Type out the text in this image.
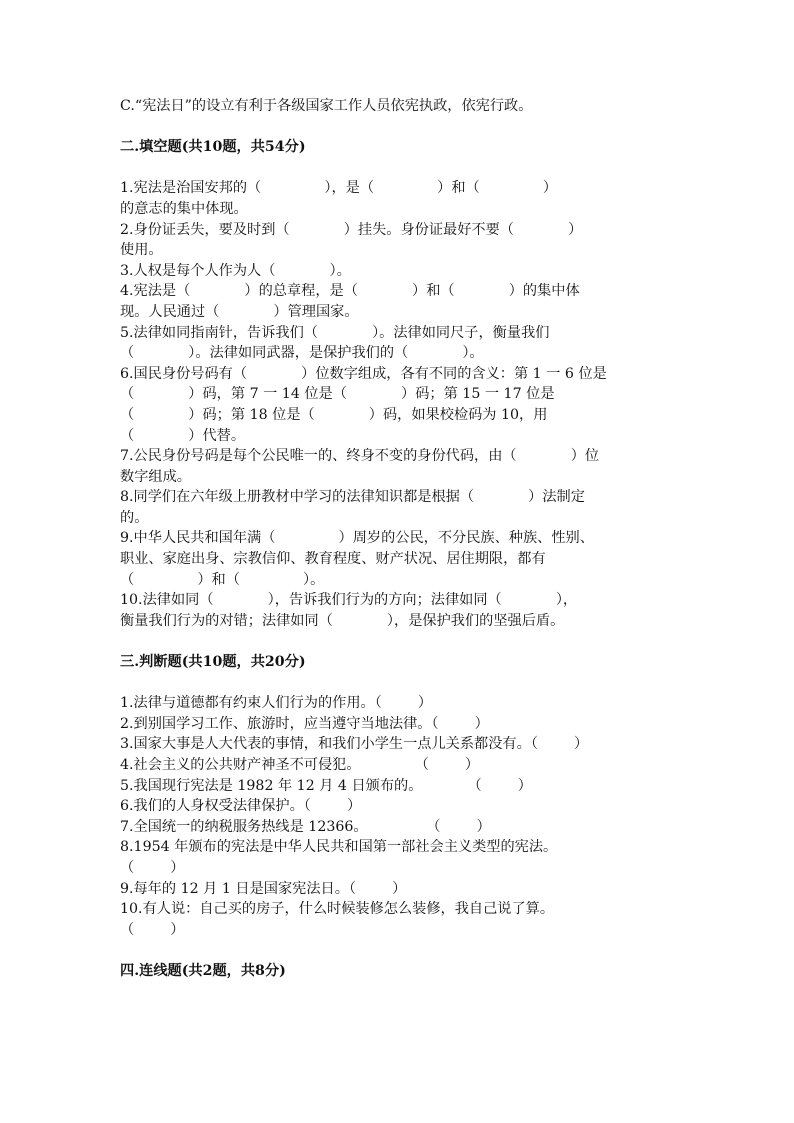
C.“宪法日”的设立有利于各级国家工作人员依宪执政，依宪行政。
二.填空题(共10题，共54分)
1.宪法是治国安邦的（              ），是（              ）和（              ）
的意志的集中体现。
2.身份证丢失，要及时到（            ）挂失。身份证最好不要（            ）
使用。
3.人权是每个人作为人（            ）。
4.宪法是（            ）的总章程，是（            ）和（            ）的集中体
现。人民通过（            ）管理国家。
5.法律如同指南针，告诉我们（            ）。法律如同尺子，衡量我们
（            ）。法律如同武器，是保护我们的（            ）。
6.国民身份号码有（            ）位数字组成，各有不同的含义：第 1 一 6 位是
（            ）码，第 7 一 14 位是（            ）码；第 15 一 17 位是
（            ）码；第 18 位是（            ）码，如果校检码为 10，用
（            ）代替。
7.公民身份号码是每个公民唯一的、终身不变的身份代码，由（            ）位
数字组成。
8.同学们在六年级上册教材中学习的法律知识都是根据（            ）法制定
的。
9.中华人民共和国年满（              ）周岁的公民，不分民族、种族、性别、
职业、家庭出身、宗教信仰、教育程度、财产状况、居住期限，都有
（              ）和（              ）。
10.法律如同（            ），告诉我们行为的方向；法律如同（            ），
衡量我们行为的对错；法律如同（            ），是保护我们的坚强后盾。
三.判断题(共10题，共20分)
1.法律与道德都有约束人们行为的作用。（        ）
2.到别国学习工作、旅游时，应当遵守当地法律。（        ）
3.国家大事是人大代表的事情，和我们小学生一点儿关系都没有。（        ）
4.社会主义的公共财产神圣不可侵犯。            （        ）
5.我国现行宪法是 1982 年 12 月 4 日颁布的。          （        ）
6.我们的人身权受法律保护。（        ）
7.全国统一的纳税服务热线是 12366。             （        ）
8.1954 年颁布的宪法是中华人民共和国第一部社会主义类型的宪法。
（        ）
9.每年的 12 月 1 日是国家宪法日。（        ）
10.有人说：自己买的房子，什么时候装修怎么装修，我自己说了算。
（        ）
四.连线题(共2题，共8分)
